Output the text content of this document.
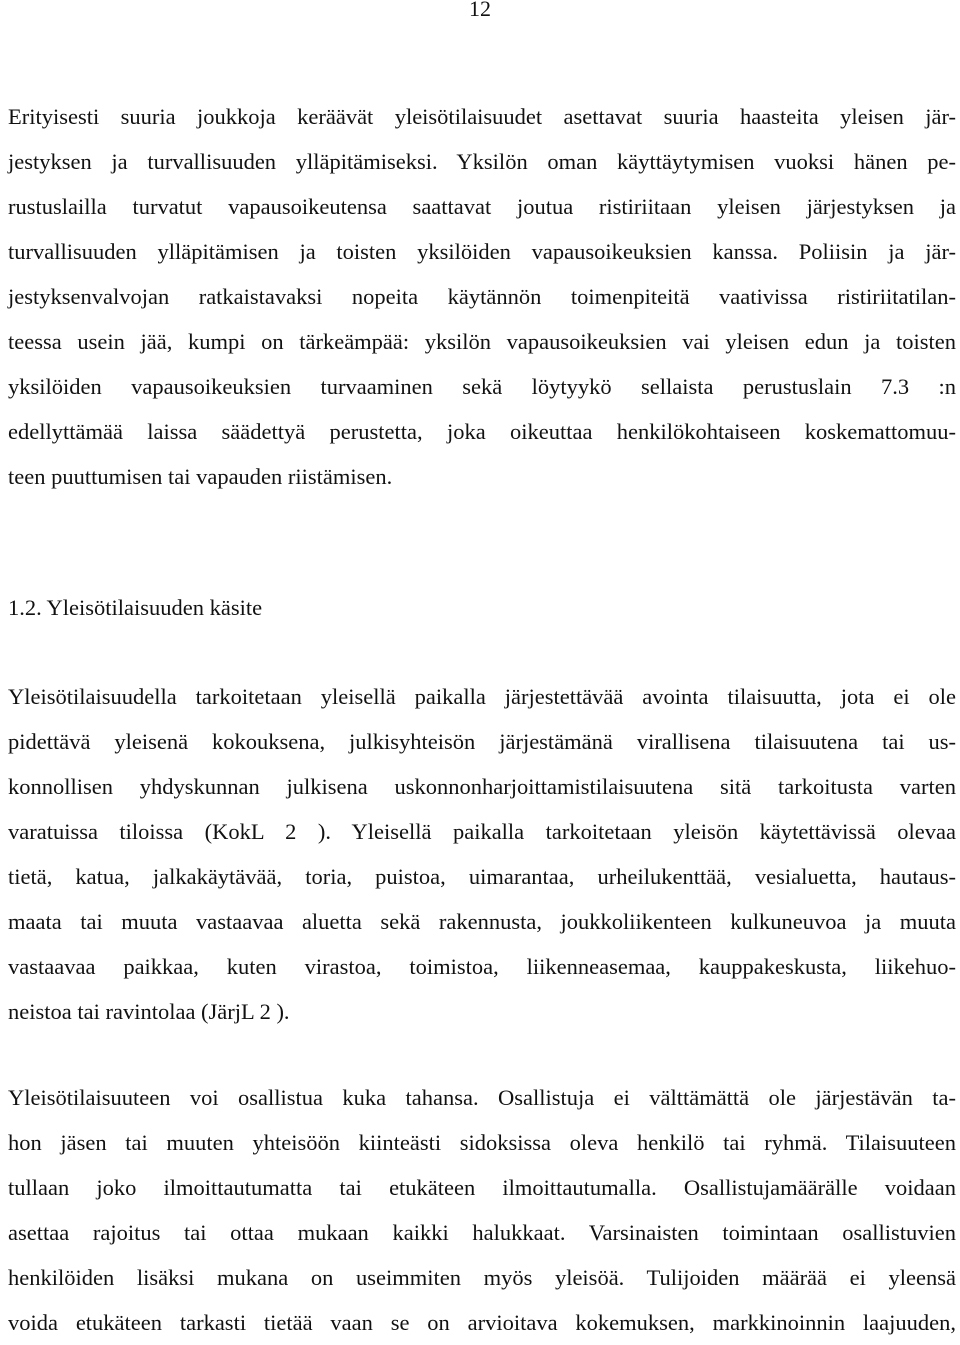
12

Erityisesti suuria joukkoja keräävät yleisötilaisuudet asettavat suuria haasteita yleisen jär-
jestyksen ja turvallisuuden ylläpitämiseksi. Yksilön oman käyttäytymisen vuoksi hänen pe-
rustuslailla turvatut vapausoikeutensa saattavat joutua ristiriitaan yleisen järjestyksen ja
turvallisuuden ylläpitämisen ja toisten yksilöiden vapausoikeuksien kanssa. Poliisin ja jär-
jestyksenvalvojan ratkaistavaksi nopeita käytännön toimenpiteitä vaativissa ristiriitatilan-
teessa usein jää, kumpi on tärkeämpää: yksilön vapausoikeuksien vai yleisen edun ja toisten
yksilöiden vapausoikeuksien turvaaminen sekä löytyykö sellaista perustuslain 7.3 :n
edellyttämää laissa säädettyä perustetta, joka oikeuttaa henkilökohtaiseen koskemattomuu-
teen puuttumisen tai vapauden riistämisen.

1.2. Yleisötilaisuuden käsite

Yleisötilaisuudella tarkoitetaan yleisellä paikalla järjestettävää avointa tilaisuutta, jota ei ole
pidettävä yleisenä kokouksena, julkisyhteisön järjestämänä virallisena tilaisuutena tai us-
konnollisen yhdyskunnan julkisena uskonnonharjoittamistilaisuutena sitä tarkoitusta varten
varatuissa tiloissa (KokL 2 ). Yleisellä paikalla tarkoitetaan yleisön käytettävissä olevaa
tietä, katua, jalkakäytävää, toria, puistoa, uimarantaa, urheilukenttää, vesialuetta, hautaus-
maata tai muuta vastaavaa aluetta sekä rakennusta, joukkoliikenteen kulkuneuvoa ja muuta
vastaavaa paikkaa, kuten virastoa, toimistoa, liikenneasemaa, kauppakeskusta, liikehuo-
neistoa tai ravintolaa (JärjL 2 ).

Yleisötilaisuuteen voi osallistua kuka tahansa. Osallistuja ei välttämättä ole järjestävän ta-
hon jäsen tai muuten yhteisöön kiinteästi sidoksissa oleva henkilö tai ryhmä. Tilaisuuteen
tullaan joko ilmoittautumatta tai etukäteen ilmoittautumalla. Osallistujamäärälle voidaan
asettaa rajoitus tai ottaa mukaan kaikki halukkaat. Varsinaisten toimintaan osallistuvien
henkilöiden lisäksi mukana on useimmiten myös yleisöä. Tulijoiden määrää ei yleensä
voida etukäteen tarkasti tietää vaan se on arvioitava kokemuksen, markkinoinnin laajuuden,
